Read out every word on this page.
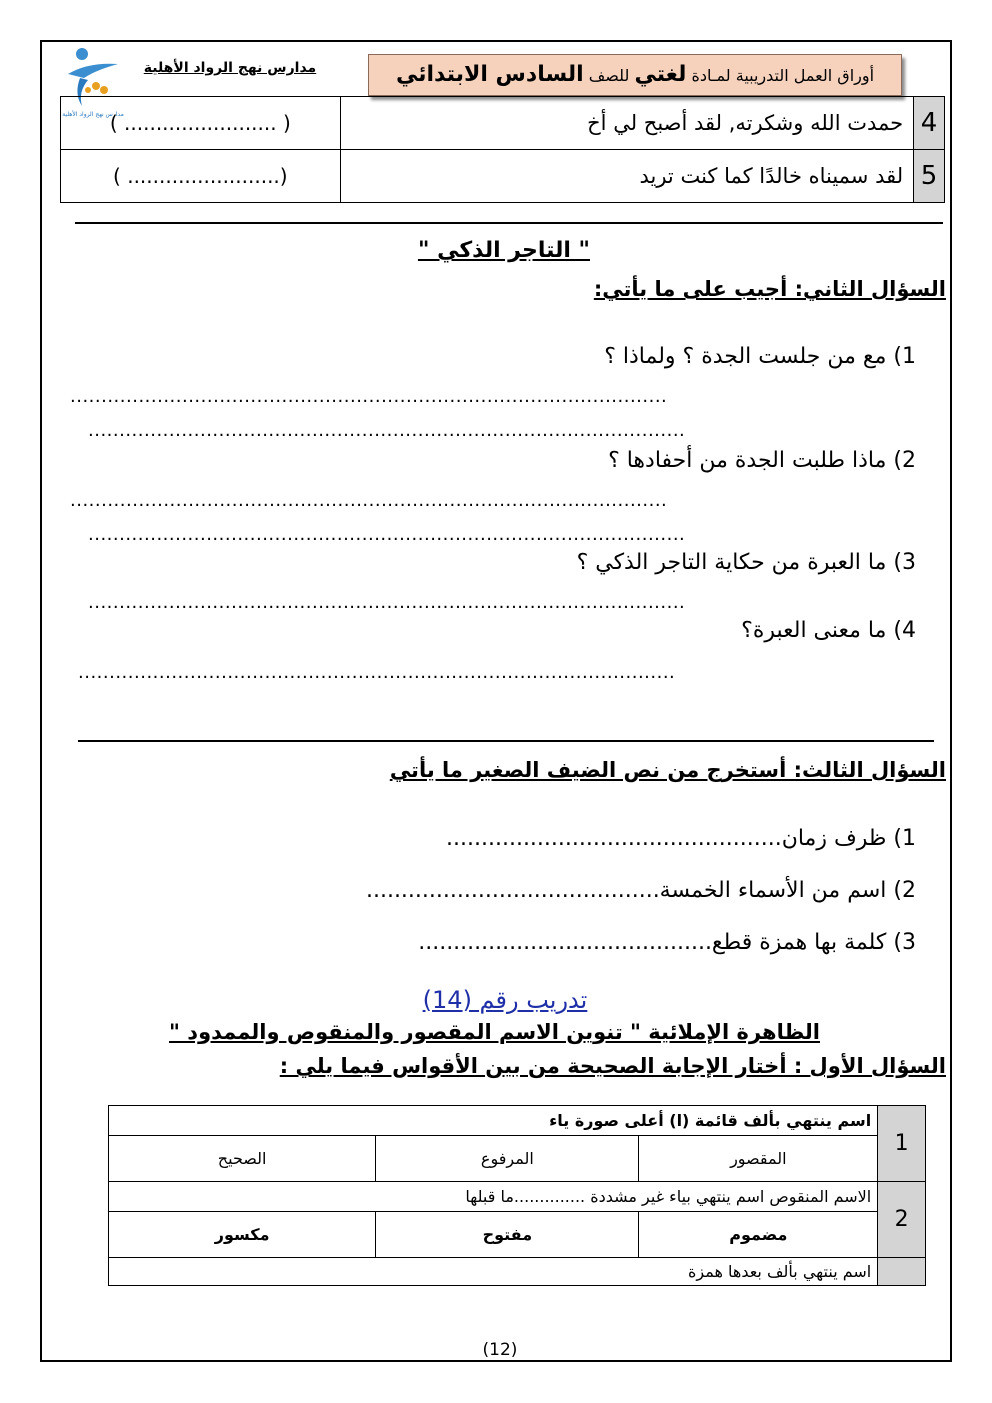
مدارس نهج الرواد الأهلية
مدارس نهج الرواد الأهلية	أوراق العمل التدريبية لمـادة لغتي للصف السادس الابتدائي
( ........................ )	حمدت الله وشكرته, لقد أصبح لي أخ	4
( ........................)	لقد سميناه خالدًا كما كنت تريد	5
" التاجر الذكي "
السؤال الثاني: أجيب على ما يأتي:
1) مع من جلست الجدة ؟ ولماذا ؟
................................................................................................
................................................................................................
2) ماذا طلبت الجدة من أحفادها ؟
................................................................................................
................................................................................................
3) ما العبرة من حكاية التاجر الذكي ؟
................................................................................................
4) ما معنى العبرة؟
................................................................................................
السؤال الثالث: أستخرج من نص الضيف الصغير ما يأتي
1) ظرف زمان................................................
2) اسم من الأسماء الخمسة..........................................
3) كلمة بها همزة قطع..........................................
تدريب رقم (14)
الظاهرة الإملائية " تنوين الاسم المقصور والمنقوص والممدود "
السؤال الأول : أختار الإجابة الصحيحة من بين الأقواس فيما يلي :
اسم ينتهي بألف قائمة (ا) أعلى صورة ياء			1
الصحيح	المرفوع	المقصور	
الاسم المنقوص اسم ينتهي بياء غير مشددة ..............ما قبلها			2
مكسور	مفتوح	مضموم	
اسم ينتهي بألف بعدها همزة			
(12)
